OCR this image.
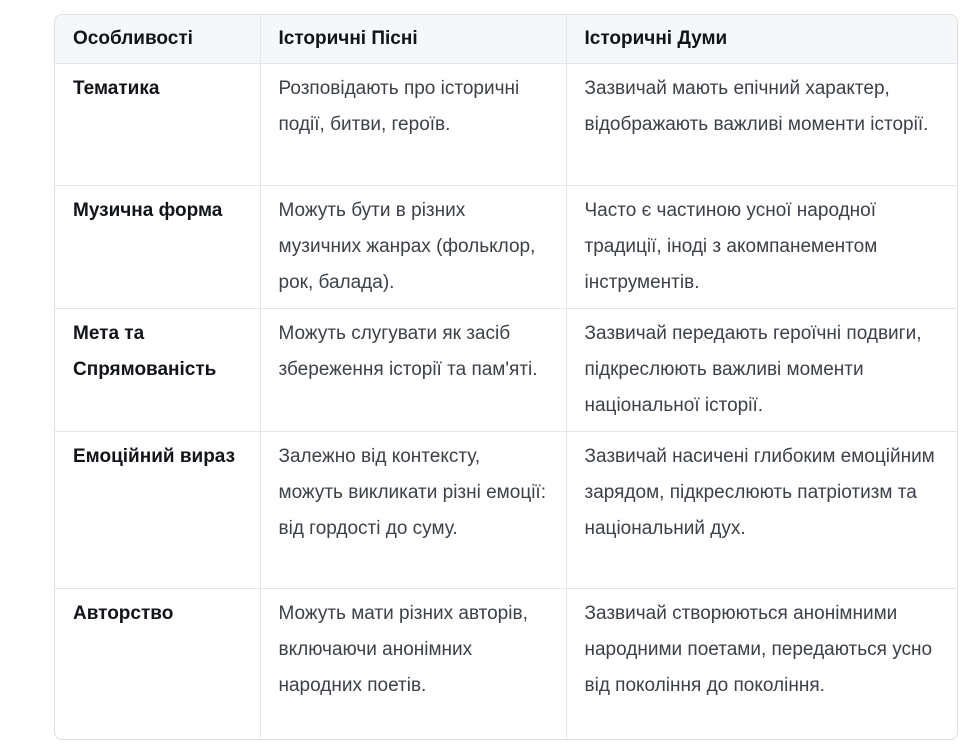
Особливості	Історичні Пісні	Історичні Думи
Тематика	Розповідають про історичні події, битви, героїв.	Зазвичай мають епічний характер, відображають важливі моменти історії.
Музична форма	Можуть бути в різних музичних жанрах (фольклор, рок, балада).	Часто є частиною усної народної традиції, іноді з акомпанементом інструментів.
Мета та Спрямованість	Можуть слугувати як засіб збереження історії та пам'яті.	Зазвичай передають героїчні подвиги, підкреслюють важливі моменти національної історії.
Емоційний вираз	Залежно від контексту, можуть викликати різні емоції: від гордості до суму.	Зазвичай насичені глибоким емоційним зарядом, підкреслюють патріотизм та національний дух.
Авторство	Можуть мати різних авторів, включаючи анонімних народних поетів.	Зазвичай створюються анонімними народними поетами, передаються усно від покоління до покоління.
